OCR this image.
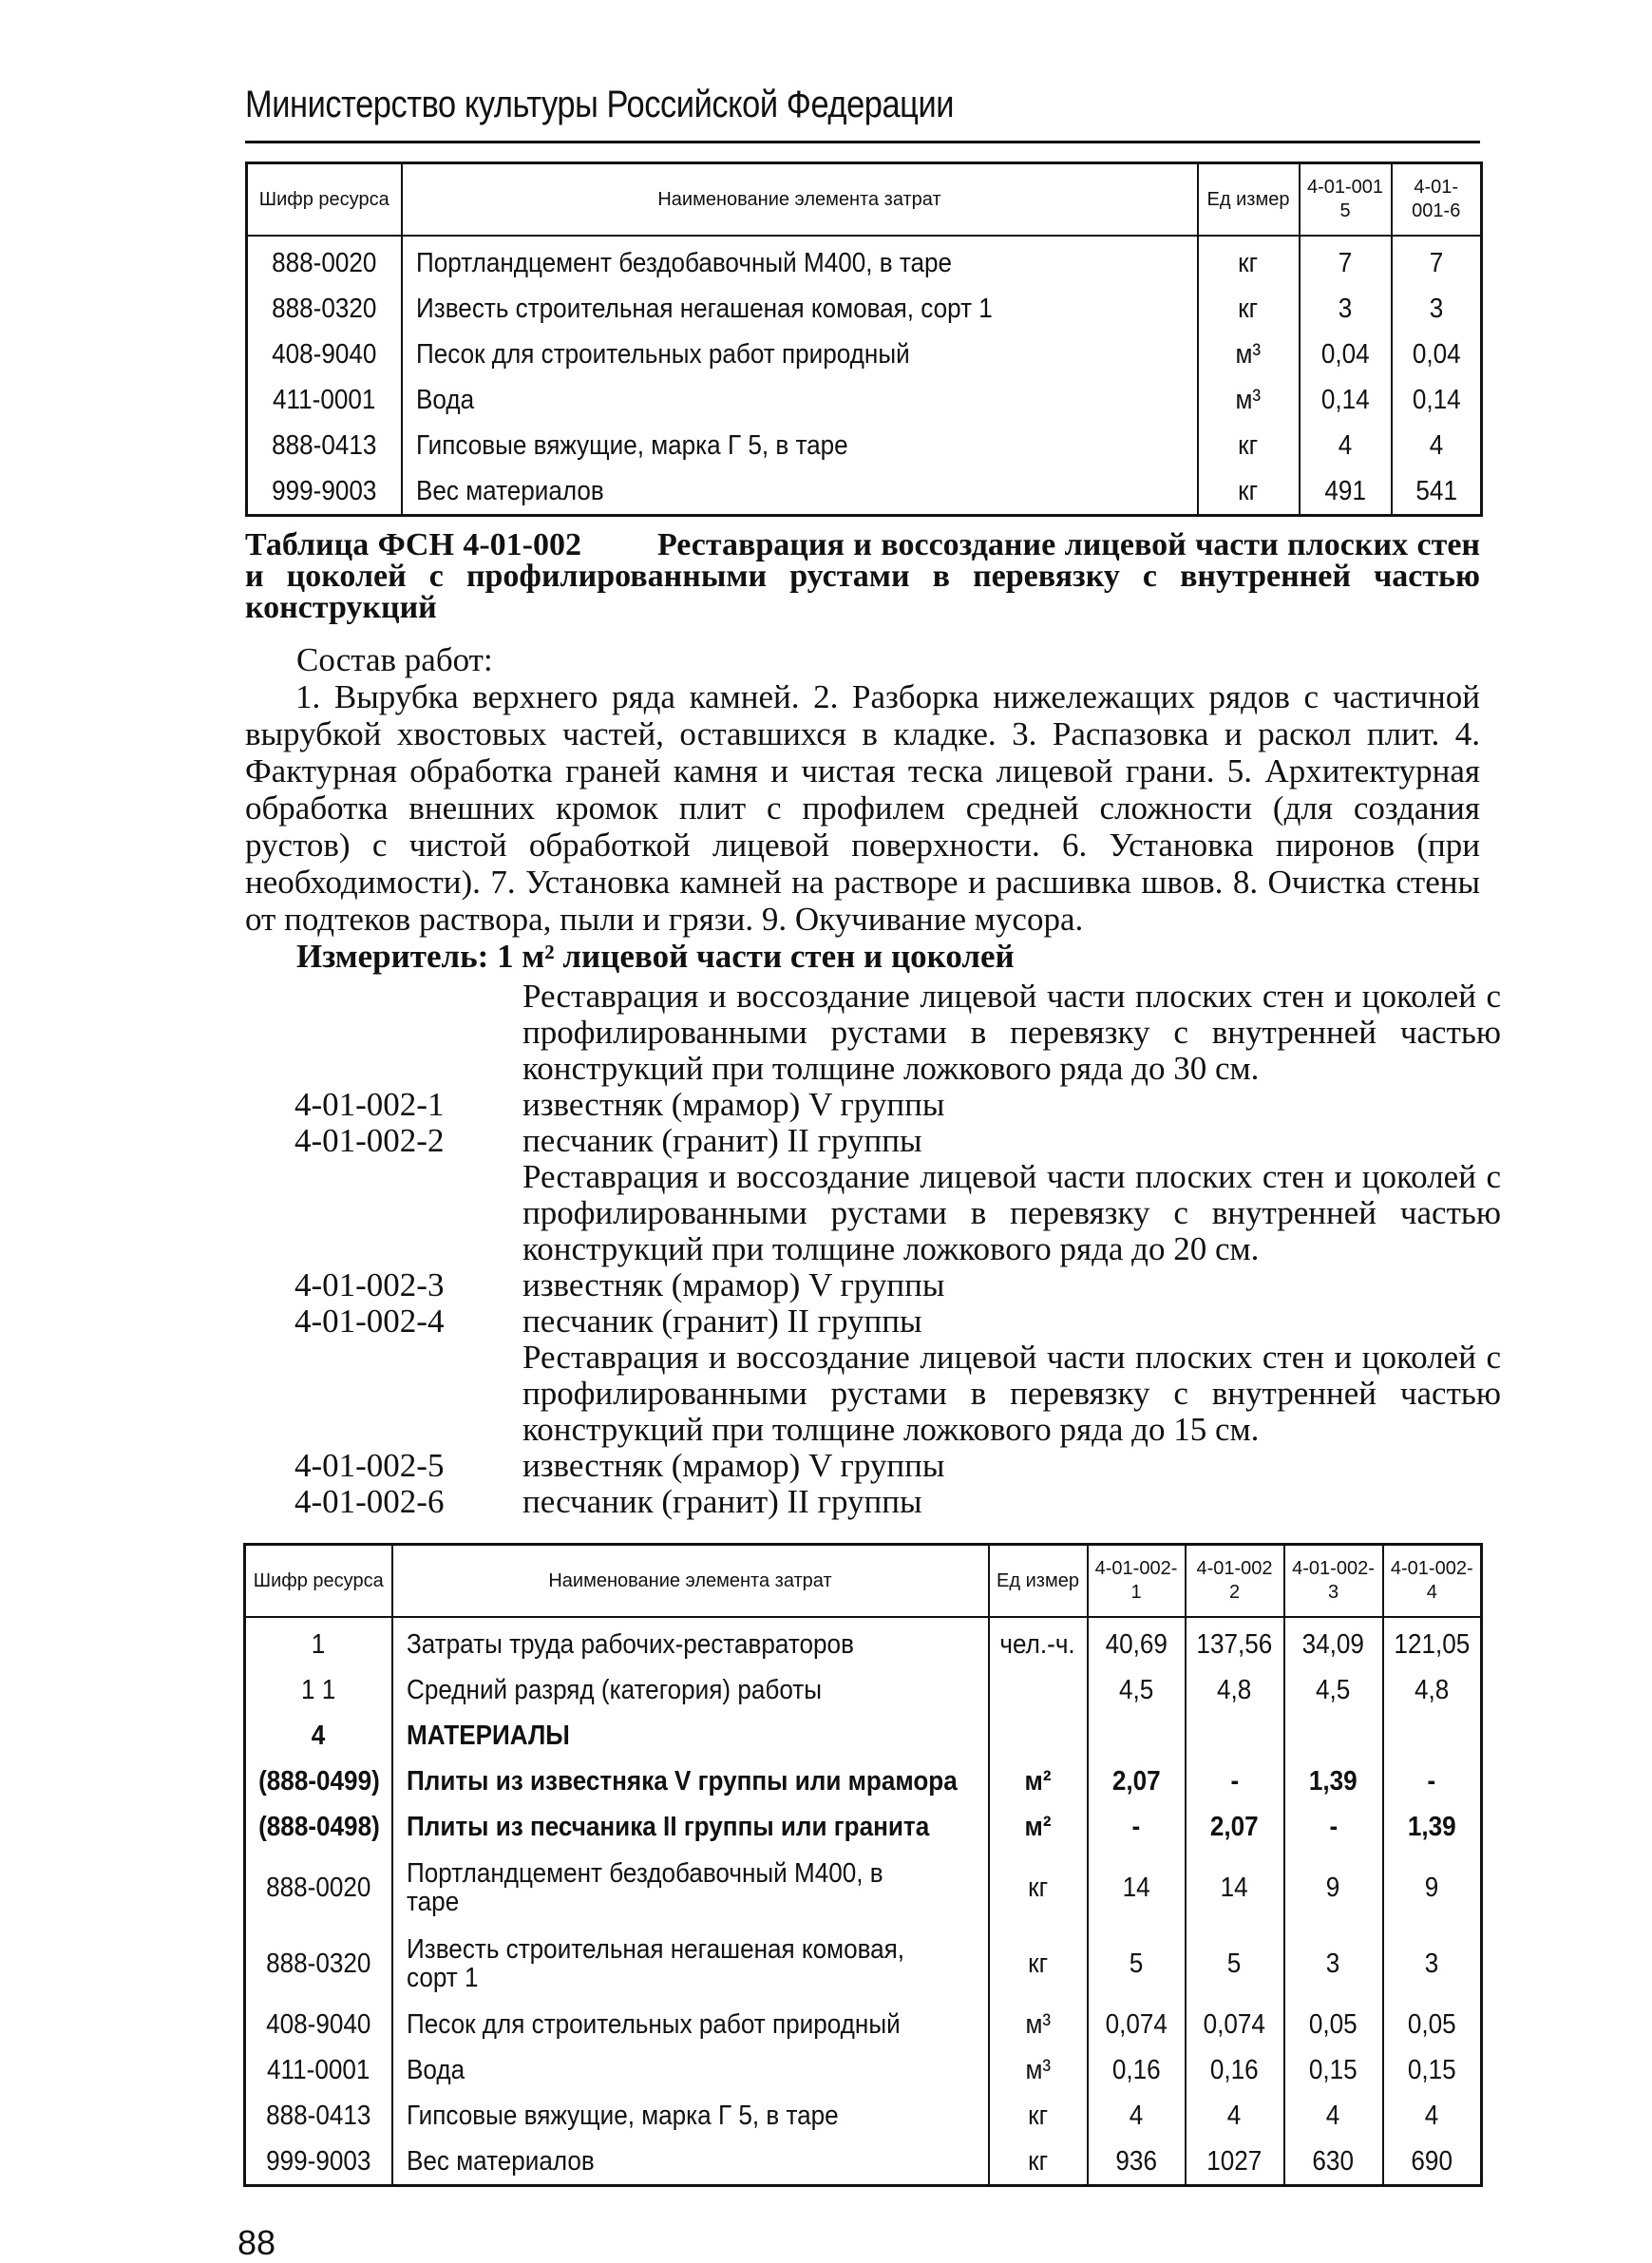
Министерство культуры Российской Федерации
Шифр ресурса	Наименование элемента затрат	Ед измер	4-01-001 5	4-01-001-6
888-0020	Портландцемент бездобавочный М400, в таре	кг	7	7
888-0320	Известь строительная негашеная комовая, сорт 1	кг	3	3
408-9040	Песок для строительных работ природный	м³	0,04	0,04
411-0001	Вода	м³	0,14	0,14
888-0413	Гипсовые вяжущие, марка Г 5, в таре	кг	4	4
999-9003	Вес материалов	кг	491	541
Таблица ФСН 4-01-002 Реставрация и воссоздание лицевой части плоских стен и цоколей с профилированными рустами в перевязку с внутренней частью конструкций
Состав работ:
1. Вырубка верхнего ряда камней. 2. Разборка нижележащих рядов с частичной вырубкой хвостовых частей, оставшихся в кладке. 3. Распазовка и раскол плит. 4. Фактурная обработка граней камня и чистая теска лицевой грани. 5. Архитектурная обработка внешних кромок плит с профилем средней сложности (для создания рустов) с чистой обработкой лицевой поверхности. 6. Установка пиронов (при необходимости). 7. Установка камней на растворе и расшивка швов. 8. Очистка стены от подтеков раствора, пыли и грязи. 9. Окучивание мусора.
Измеритель: 1 м² лицевой части стен и цоколей
Реставрация и воссоздание лицевой части плоских стен и цоколей с профилированными рустами в перевязку с внутренней частью конструкций при толщине ложкового ряда до 30 см.
4-01-002-1	известняк (мрамор) V группы
4-01-002-2	песчаник (гранит) II группы
Реставрация и воссоздание лицевой части плоских стен и цоколей с профилированными рустами в перевязку с внутренней частью конструкций при толщине ложкового ряда до 20 см.
4-01-002-3	известняк (мрамор) V группы
4-01-002-4	песчаник (гранит) II группы
Реставрация и воссоздание лицевой части плоских стен и цоколей с профилированными рустами в перевязку с внутренней частью конструкций при толщине ложкового ряда до 15 см.
4-01-002-5	известняк (мрамор) V группы
4-01-002-6	песчаник (гранит) II группы
Шифр ресурса	Наименование элемента затрат	Ед измер	4-01-002-1	4-01-002 2	4-01-002-3	4-01-002-4
1	Затраты труда рабочих-реставраторов	чел.-ч.	40,69	137,56	34,09	121,05
1 1	Средний разряд (категория) работы		4,5	4,8	4,5	4,8
4	МАТЕРИАЛЫ					
(888-0499)	Плиты из известняка V группы или мрамора	м²	2,07	-	1,39	-
(888-0498)	Плиты из песчаника II группы или гранита	м²	-	2,07	-	1,39
888-0020	Портландцемент бездобавочный М400, в таре	кг	14	14	9	9
888-0320	Известь строительная негашеная комовая, сорт 1	кг	5	5	3	3
408-9040	Песок для строительных работ природный	м³	0,074	0,074	0,05	0,05
411-0001	Вода	м³	0,16	0,16	0,15	0,15
888-0413	Гипсовые вяжущие, марка Г 5, в таре	кг	4	4	4	4
999-9003	Вес материалов	кг	936	1027	630	690
88
